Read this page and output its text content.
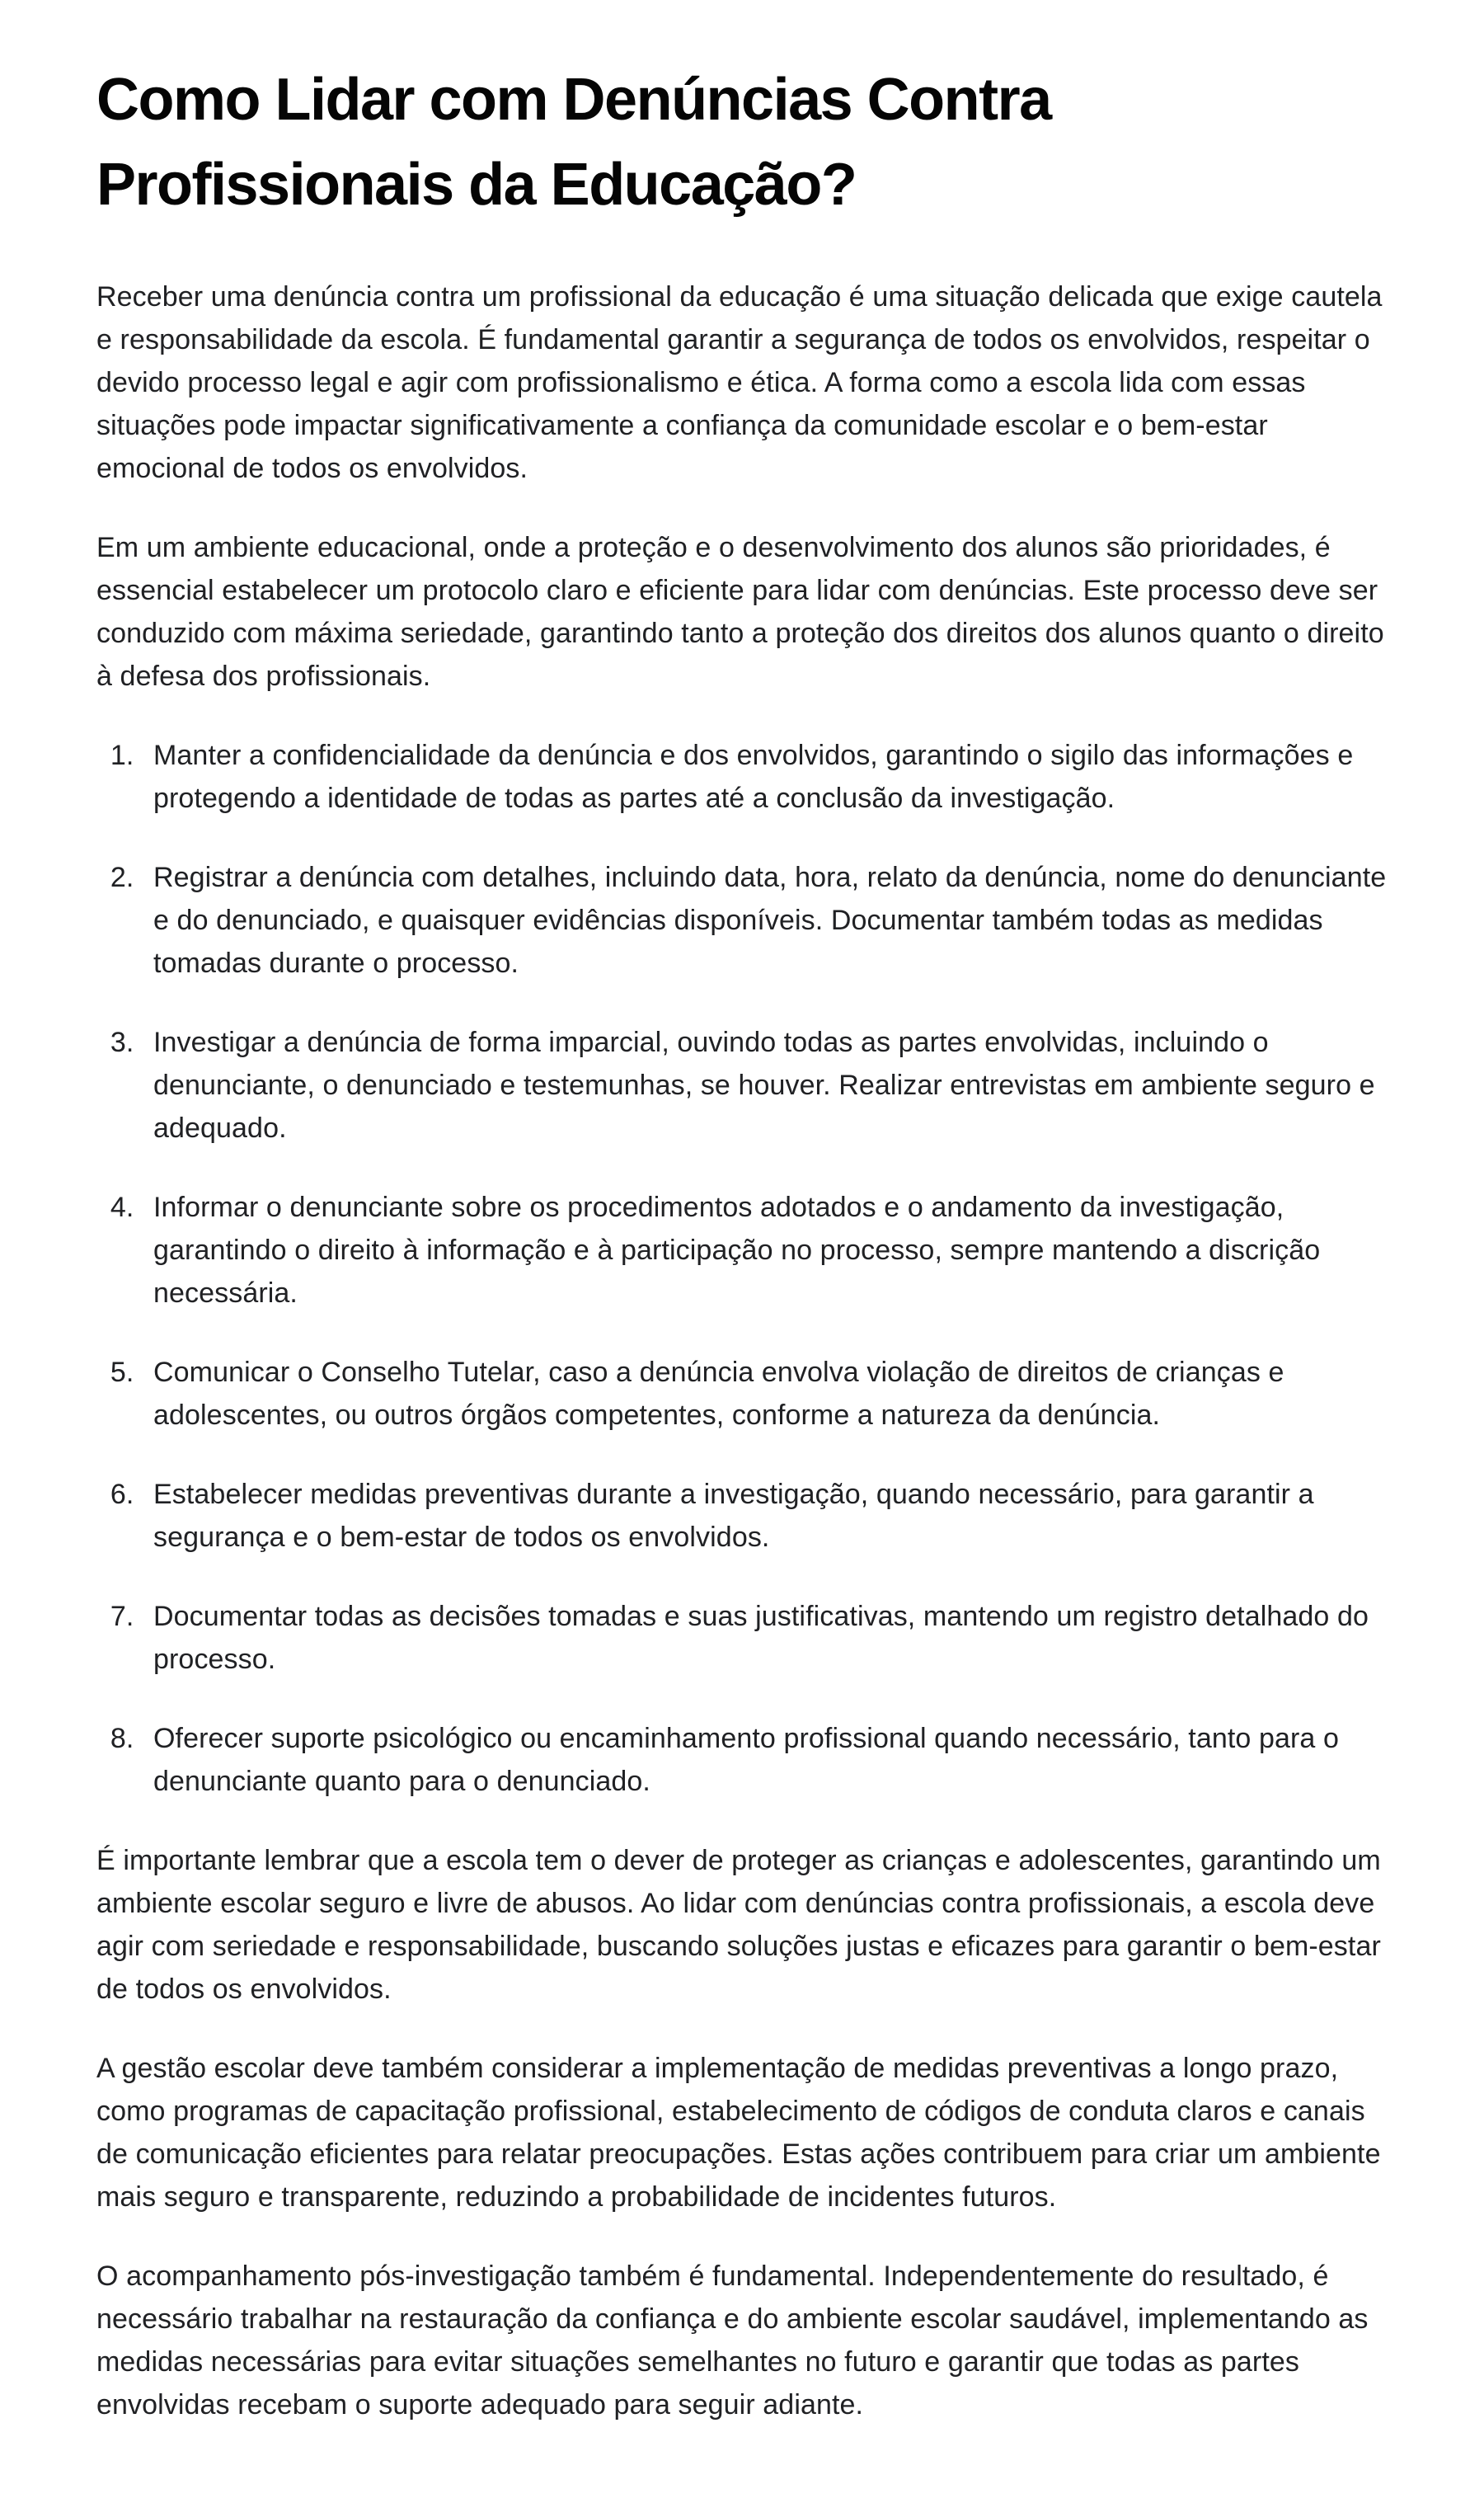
Como Lidar com Denúncias Contra Profissionais da Educação?

Receber uma denúncia contra um profissional da educação é uma situação delicada que exige cautela e responsabilidade da escola. É fundamental garantir a segurança de todos os envolvidos, respeitar o devido processo legal e agir com profissionalismo e ética. A forma como a escola lida com essas situações pode impactar significativamente a confiança da comunidade escolar e o bem-estar emocional de todos os envolvidos.

Em um ambiente educacional, onde a proteção e o desenvolvimento dos alunos são prioridades, é essencial estabelecer um protocolo claro e eficiente para lidar com denúncias. Este processo deve ser conduzido com máxima seriedade, garantindo tanto a proteção dos direitos dos alunos quanto o direito à defesa dos profissionais.

1. Manter a confidencialidade da denúncia e dos envolvidos, garantindo o sigilo das informações e protegendo a identidade de todas as partes até a conclusão da investigação.
2. Registrar a denúncia com detalhes, incluindo data, hora, relato da denúncia, nome do denunciante e do denunciado, e quaisquer evidências disponíveis. Documentar também todas as medidas tomadas durante o processo.
3. Investigar a denúncia de forma imparcial, ouvindo todas as partes envolvidas, incluindo o denunciante, o denunciado e testemunhas, se houver. Realizar entrevistas em ambiente seguro e adequado.
4. Informar o denunciante sobre os procedimentos adotados e o andamento da investigação, garantindo o direito à informação e à participação no processo, sempre mantendo a discrição necessária.
5. Comunicar o Conselho Tutelar, caso a denúncia envolva violação de direitos de crianças e adolescentes, ou outros órgãos competentes, conforme a natureza da denúncia.
6. Estabelecer medidas preventivas durante a investigação, quando necessário, para garantir a segurança e o bem-estar de todos os envolvidos.
7. Documentar todas as decisões tomadas e suas justificativas, mantendo um registro detalhado do processo.
8. Oferecer suporte psicológico ou encaminhamento profissional quando necessário, tanto para o denunciante quanto para o denunciado.

É importante lembrar que a escola tem o dever de proteger as crianças e adolescentes, garantindo um ambiente escolar seguro e livre de abusos. Ao lidar com denúncias contra profissionais, a escola deve agir com seriedade e responsabilidade, buscando soluções justas e eficazes para garantir o bem-estar de todos os envolvidos.

A gestão escolar deve também considerar a implementação de medidas preventivas a longo prazo, como programas de capacitação profissional, estabelecimento de códigos de conduta claros e canais de comunicação eficientes para relatar preocupações. Estas ações contribuem para criar um ambiente mais seguro e transparente, reduzindo a probabilidade de incidentes futuros.

O acompanhamento pós-investigação também é fundamental. Independentemente do resultado, é necessário trabalhar na restauração da confiança e do ambiente escolar saudável, implementando as medidas necessárias para evitar situações semelhantes no futuro e garantir que todas as partes envolvidas recebam o suporte adequado para seguir adiante.
